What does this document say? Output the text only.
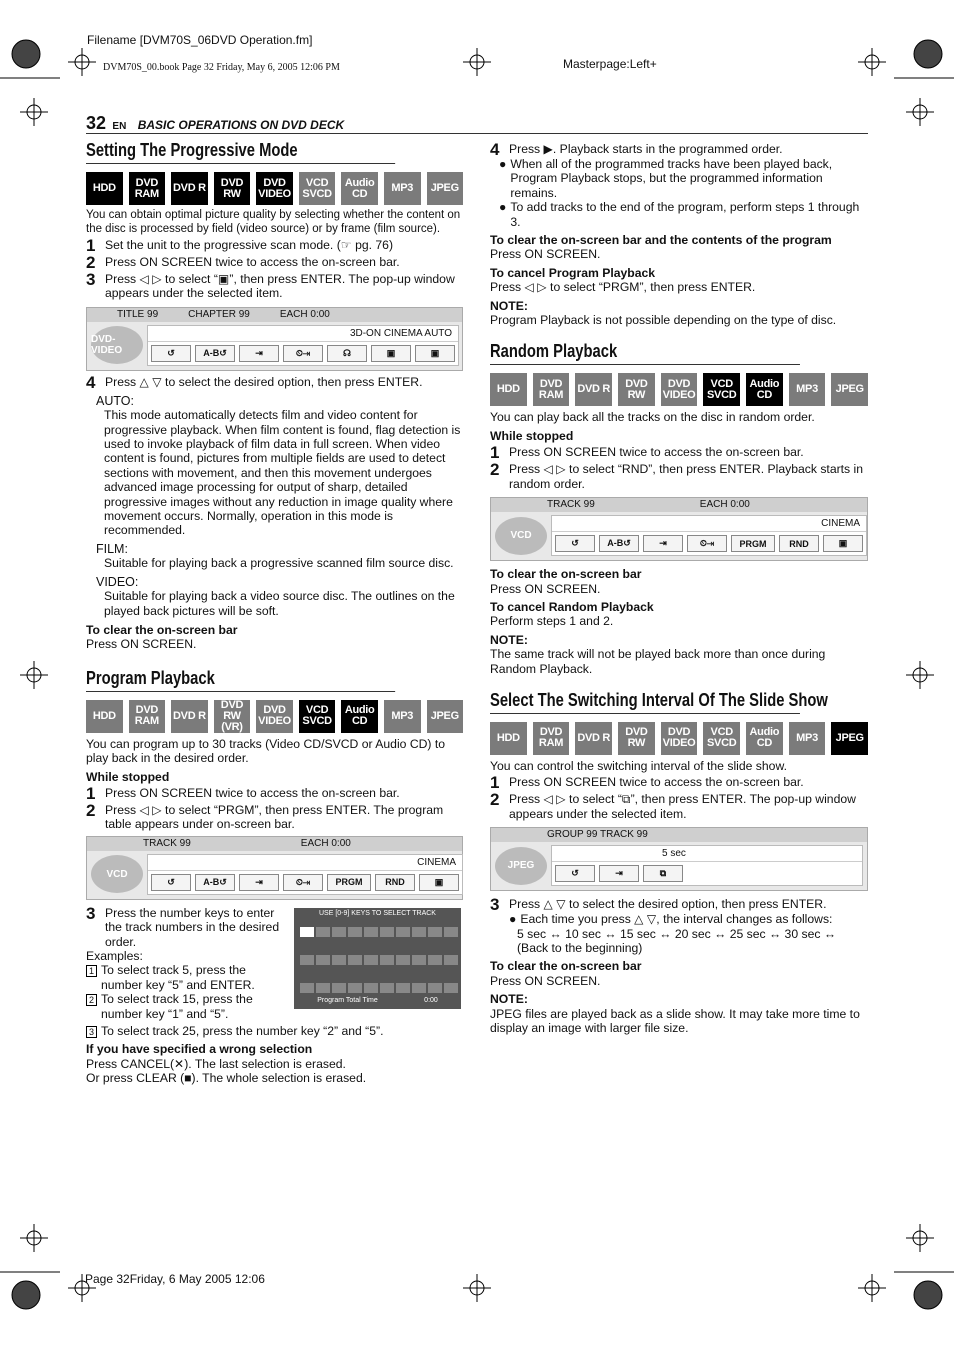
Filename [DVM70S_06DVD Operation.fm]
DVM70S_00.book Page 32 Friday, May 6, 2005 12:06 PM	Masterpage:Left+
32 EN BASIC OPERATIONS ON DVD DECK
Setting The Progressive Mode
HDD	DVD RAM	DVD R	DVD RW
DVD VIDEO
VCD SVCD
Audio CD	MP3	JPEG

You can obtain optimal picture quality by selecting whether the content on the disc is processed by field (video source) or by frame (film source).

1 Set the unit to the progressive scan mode. (☞ pg. 76)
2 Press ON SCREEN twice to access the on-screen bar.
3 Press ◁ ▷ to select “▣”, then press ENTER. The pop-up window appears under the selected item.
TITLE 99	CHAPTER 99	EACH 0:00
DVD-VIDEO
3D-ON CINEMA AUTO
↺	A-B↺	⇥	⏲⇥	☊	▣	▣
4 Press △ ▽ to select the desired option, then press ENTER.
AUTO:
This mode automatically detects film and video content for progressive playback. When film content is found, flag detection is used to invoke playback of film data in full screen. When video content is found, pictures from multiple fields are used to detect sections with movement, and then this movement undergoes advanced image processing for output of sharp, detailed progressive images without any reduction in image quality where movement occurs. Normally, operation in this mode is recommended.
FILM:
Suitable for playing back a progressive scanned film source disc.
VIDEO:
Suitable for playing back a video source disc. The outlines on the played back pictures will be soft.
To clear the on-screen bar
Press ON SCREEN.
Program Playback
HDD	DVD RAM	DVD R
DVD RW (VR)
DVD VIDEO
VCD SVCD
Audio CD	MP3	JPEG

You can program up to 30 tracks (Video CD/SVCD or Audio CD) to play back in the desired order.

While stopped
1 Press ON SCREEN twice to access the on-screen bar.
2 Press ◁ ▷ to select “PRGM”, then press ENTER. The program table appears under on-screen bar.
TRACK 99	EACH 0:00
VCD
CINEMA
↺	A-B↺	⇥	⏲⇥	PRGM	RND	▣
3 Press the number keys to enter the track numbers in the desired order.
Examples:
1 To select track 5, press the number key “5” and ENTER.
2 To select track 15, press the number key “1” and “5”.
USE [0-9] KEYS TO SELECT TRACK
Program Total Time	0:00
3 To select track 25, press the number key “2” and “5”.
If you have specified a wrong selection
Press CANCEL(✕). The last selection is erased.
Or press CLEAR (■). The whole selection is erased.
4 Press ▶. Playback starts in the programmed order.
● When all of the programmed tracks have been played back, Program Playback stops, but the programmed information remains.
● To add tracks to the end of the program, perform steps 1 through 3.
To clear the on-screen bar and the contents of the program
Press ON SCREEN.
To cancel Program Playback
Press ◁ ▷ to select “PRGM”, then press ENTER.
NOTE:
Program Playback is not possible depending on the type of disc.
Random Playback
HDD	DVD RAM	DVD R	DVD RW
DVD VIDEO
VCD SVCD
Audio CD	MP3	JPEG

You can play back all the tracks on the disc in random order.

While stopped
1 Press ON SCREEN twice to access the on-screen bar.
2 Press ◁ ▷ to select “RND”, then press ENTER. Playback starts in random order.
TRACK 99	EACH 0:00
VCD
CINEMA
↺	A-B↺	⇥	⏲⇥	PRGM	RND	▣
To clear the on-screen bar
Press ON SCREEN.
To cancel Random Playback
Perform steps 1 and 2.
NOTE:
The same track will not be played back more than once during Random Playback.
Select The Switching Interval Of The Slide Show
HDD	DVD RAM	DVD R	DVD RW
DVD VIDEO
VCD SVCD
Audio CD	MP3	JPEG

You can control the switching interval of the slide show.

1 Press ON SCREEN twice to access the on-screen bar.
2 Press ◁ ▷ to select “⧉”, then press ENTER. The pop-up window appears under the selected item.
GROUP 99 TRACK 99
JPEG
5 sec
↺	⇥	⧉
3 Press △ ▽ to select the desired option, then press ENTER.
● Each time you press △ ▽, the interval changes as follows:
5 sec ↔ 10 sec ↔ 15 sec ↔ 20 sec ↔ 25 sec ↔ 30 sec ↔ (Back to the beginning)
To clear the on-screen bar
Press ON SCREEN.
NOTE:
JPEG files are played back as a slide show. It may take more time to display an image with larger file size.
Page 32Friday, 6 May 2005 12:06
